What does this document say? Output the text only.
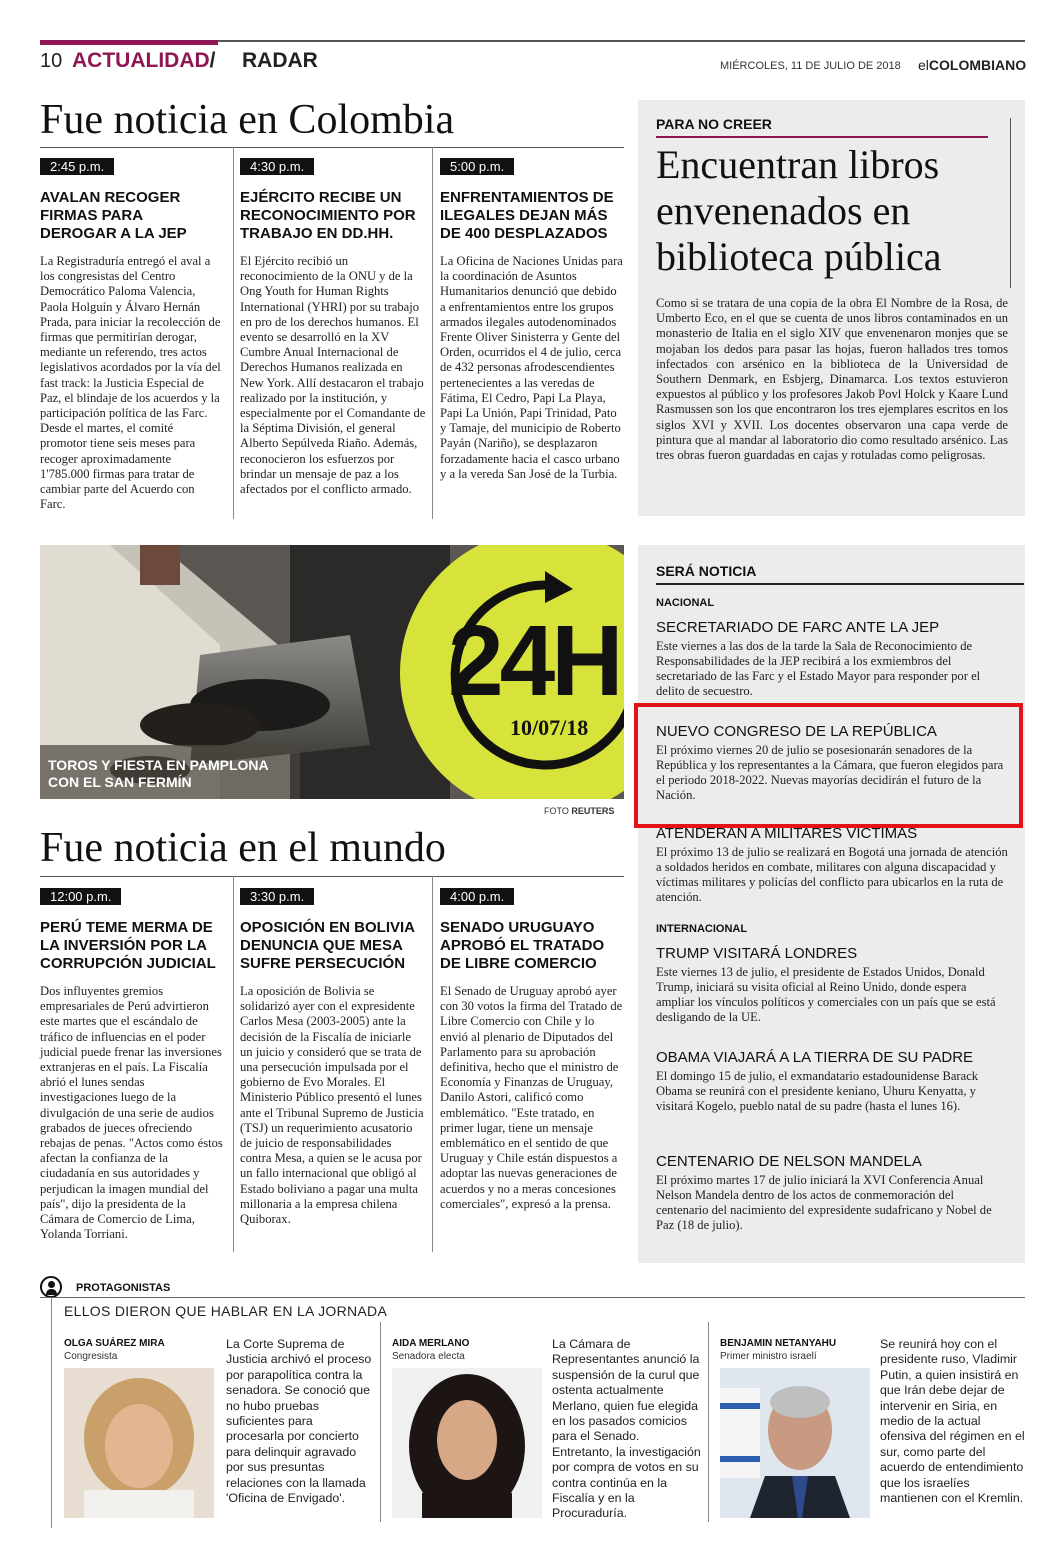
10 ACTUALIDAD/ RADAR	MIÉRCOLES, 11 DE JULIO DE 2018 elCOLOMBIANO
Fue noticia en Colombia
2:45 p.m.
AVALAN RECOGER FIRMAS PARA DEROGAR A LA JEP
La Registraduría entregó el aval a los congresistas del Centro Democrático Paloma Valencia, Paola Holguín y Álvaro Hernán Prada, para iniciar la recolección de firmas que permitirían derogar, mediante un referendo, tres actos legislativos acordados por la vía del fast track: la Justicia Especial de Paz, el blindaje de los acuerdos y la participación política de las Farc. Desde el martes, el comité promotor tiene seis meses para recoger aproximadamente 1'785.000 firmas para tratar de cambiar parte del Acuerdo con Farc.
4:30 p.m.
EJÉRCITO RECIBE UN RECONOCIMIENTO POR TRABAJO EN DD.HH.
El Ejército recibió un reconocimiento de la ONU y de la Ong Youth for Human Rights International (YHRI) por su trabajo en pro de los derechos humanos. El evento se desarrolló en la XV Cumbre Anual Internacional de Derechos Humanos realizada en New York. Allí destacaron el trabajo realizado por la institución, y especialmente por el Comandante de la Séptima División, el general Alberto Sepúlveda Riaño. Además, reconocieron los esfuerzos por brindar un mensaje de paz a los afectados por el conflicto armado.
5:00 p.m.
ENFRENTAMIENTOS DE ILEGALES DEJAN MÁS DE 400 DESPLAZADOS
La Oficina de Naciones Unidas para la coordinación de Asuntos Humanitarios denunció que debido a enfrentamientos entre los grupos armados ilegales autodenominados Frente Oliver Sinisterra y Gente del Orden, ocurridos el 4 de julio, cerca de 432 personas afrodescendientes pertenecientes a las veredas de Fátima, El Cedro, Papi La Playa, Papi La Unión, Papi Trinidad, Pato y Tamaje, del municipio de Roberto Payán (Nariño), se desplazaron forzadamente hacia el casco urbano y a la vereda San José de la Turbia.
PARA NO CREER
Encuentran libros envenenados en biblioteca pública
Como si se tratara de una copia de la obra El Nombre de la Rosa, de Umberto Eco, en el que se cuenta de unos libros contaminados en un monasterio de Italia en el siglo XIV que envenenaron monjes que se mojaban los dedos para pasar las hojas, fueron hallados tres tomos infectados con arsénico en la biblioteca de la Universidad de Southern Denmark, en Esbjerg, Dinamarca. Los textos estuvieron expuestos al público y los profesores Jakob Povl Holck y Kaare Lund Rasmussen son los que encontraron los tres ejemplares escritos en los siglos XVI y XVII. Los docentes observaron una capa verde de pintura que al mandar al laboratorio dio como resultado arsénico. Las tres obras fueron guardadas en cajas y rotuladas como peligrosas.
24H
10/07/18
TOROS Y FIESTA EN PAMPLONA
CON EL SAN FERMÍN
FOTO REUTERS
SERÁ NOTICIA
NACIONAL
SECRETARIADO DE FARC ANTE LA JEP
Este viernes a las dos de la tarde la Sala de Reconocimiento de Responsabilidades de la JEP recibirá a los exmiembros del secretariado de las Farc y el Estado Mayor para responder por el delito de secuestro.
NUEVO CONGRESO DE LA REPÚBLICA
El próximo viernes 20 de julio se posesionarán senadores de la República y los representantes a la Cámara, que fueron elegidos para el periodo 2018-2022. Nuevas mayorías decidirán el futuro de la Nación.
ATENDERÁN A MILITARES VÍCTIMAS
El próximo 13 de julio se realizará en Bogotá una jornada de atención a soldados heridos en combate, militares con alguna discapacidad y víctimas militares y policías del conflicto para ubicarlos en la ruta de atención.
INTERNACIONAL
TRUMP VISITARÁ LONDRES
Este viernes 13 de julio, el presidente de Estados Unidos, Donald Trump, iniciará su visita oficial al Reino Unido, donde espera ampliar los vínculos políticos y comerciales con un país que se está desligando de la UE.
OBAMA VIAJARÁ A LA TIERRA DE SU PADRE
El domingo 15 de julio, el exmandatario estadounidense Barack Obama se reunirá con el presidente keniano, Uhuru Kenyatta, y visitará Kogelo, pueblo natal de su padre (hasta el lunes 16).
CENTENARIO DE NELSON MANDELA
El próximo martes 17 de julio iniciará la XVI Conferencia Anual Nelson Mandela dentro de los actos de conmemoración del centenario del nacimiento del expresidente sudafricano y Nobel de Paz (18 de julio).
Fue noticia en el mundo
12:00 p.m.
PERÚ TEME MERMA DE LA INVERSIÓN POR LA CORRUPCIÓN JUDICIAL
Dos influyentes gremios empresariales de Perú advirtieron este martes que el escándalo de tráfico de influencias en el poder judicial puede frenar las inversiones extranjeras en el país. La Fiscalía abrió el lunes sendas investigaciones luego de la divulgación de una serie de audios grabados de jueces ofreciendo rebajas de penas. "Actos como éstos afectan la confianza de la ciudadanía en sus autoridades y perjudican la imagen mundial del país", dijo la presidenta de la Cámara de Comercio de Lima, Yolanda Torriani.
3:30 p.m.
OPOSICIÓN EN BOLIVIA DENUNCIA QUE MESA SUFRE PERSECUCIÓN
La oposición de Bolivia se solidarizó ayer con el expresidente Carlos Mesa (2003-2005) ante la decisión de la Fiscalía de iniciarle un juicio y consideró que se trata de una persecución impulsada por el gobierno de Evo Morales. El Ministerio Público presentó el lunes ante el Tribunal Supremo de Justicia (TSJ) un requerimiento acusatorio de juicio de responsabilidades contra Mesa, a quien se le acusa por un fallo internacional que obligó al Estado boliviano a pagar una multa millonaria a la empresa chilena Quiborax.
4:00 p.m.
SENADO URUGUAYO APROBÓ EL TRATADO DE LIBRE COMERCIO
El Senado de Uruguay aprobó ayer con 30 votos la firma del Tratado de Libre Comercio con Chile y lo envió al plenario de Diputados del Parlamento para su aprobación definitiva, hecho que el ministro de Economía y Finanzas de Uruguay, Danilo Astori, calificó como emblemático. "Este tratado, en primer lugar, tiene un mensaje emblemático en el sentido de que Uruguay y Chile están dispuestos a adoptar las nuevas generaciones de acuerdos y no a meras concesiones comerciales", expresó a la prensa.
PROTAGONISTAS
ELLOS DIERON QUE HABLAR EN LA JORNADA
OLGA SUÁREZ MIRA
Congresista
La Corte Suprema de Justicia archivó el proceso por parapolítica contra la senadora. Se conoció que no hubo pruebas suficientes para procesarla por concierto para delinquir agravado por sus presuntas relaciones con la llamada 'Oficina de Envigado'.
AIDA MERLANO
Senadora electa
La Cámara de Representantes anunció la suspensión de la curul que ostenta actualmente Merlano, quien fue elegida en los pasados comicios para el Senado. Entretanto, la investigación por compra de votos en su contra continúa en la Fiscalía y en la Procuraduría.
BENJAMIN NETANYAHU
Primer ministro israelí
Se reunirá hoy con el presidente ruso, Vladimir Putin, a quien insistirá en que Irán debe dejar de intervenir en Siria, en medio de la actual ofensiva del régimen en el sur, como parte del acuerdo de entendimiento que los israelíes mantienen con el Kremlin.
